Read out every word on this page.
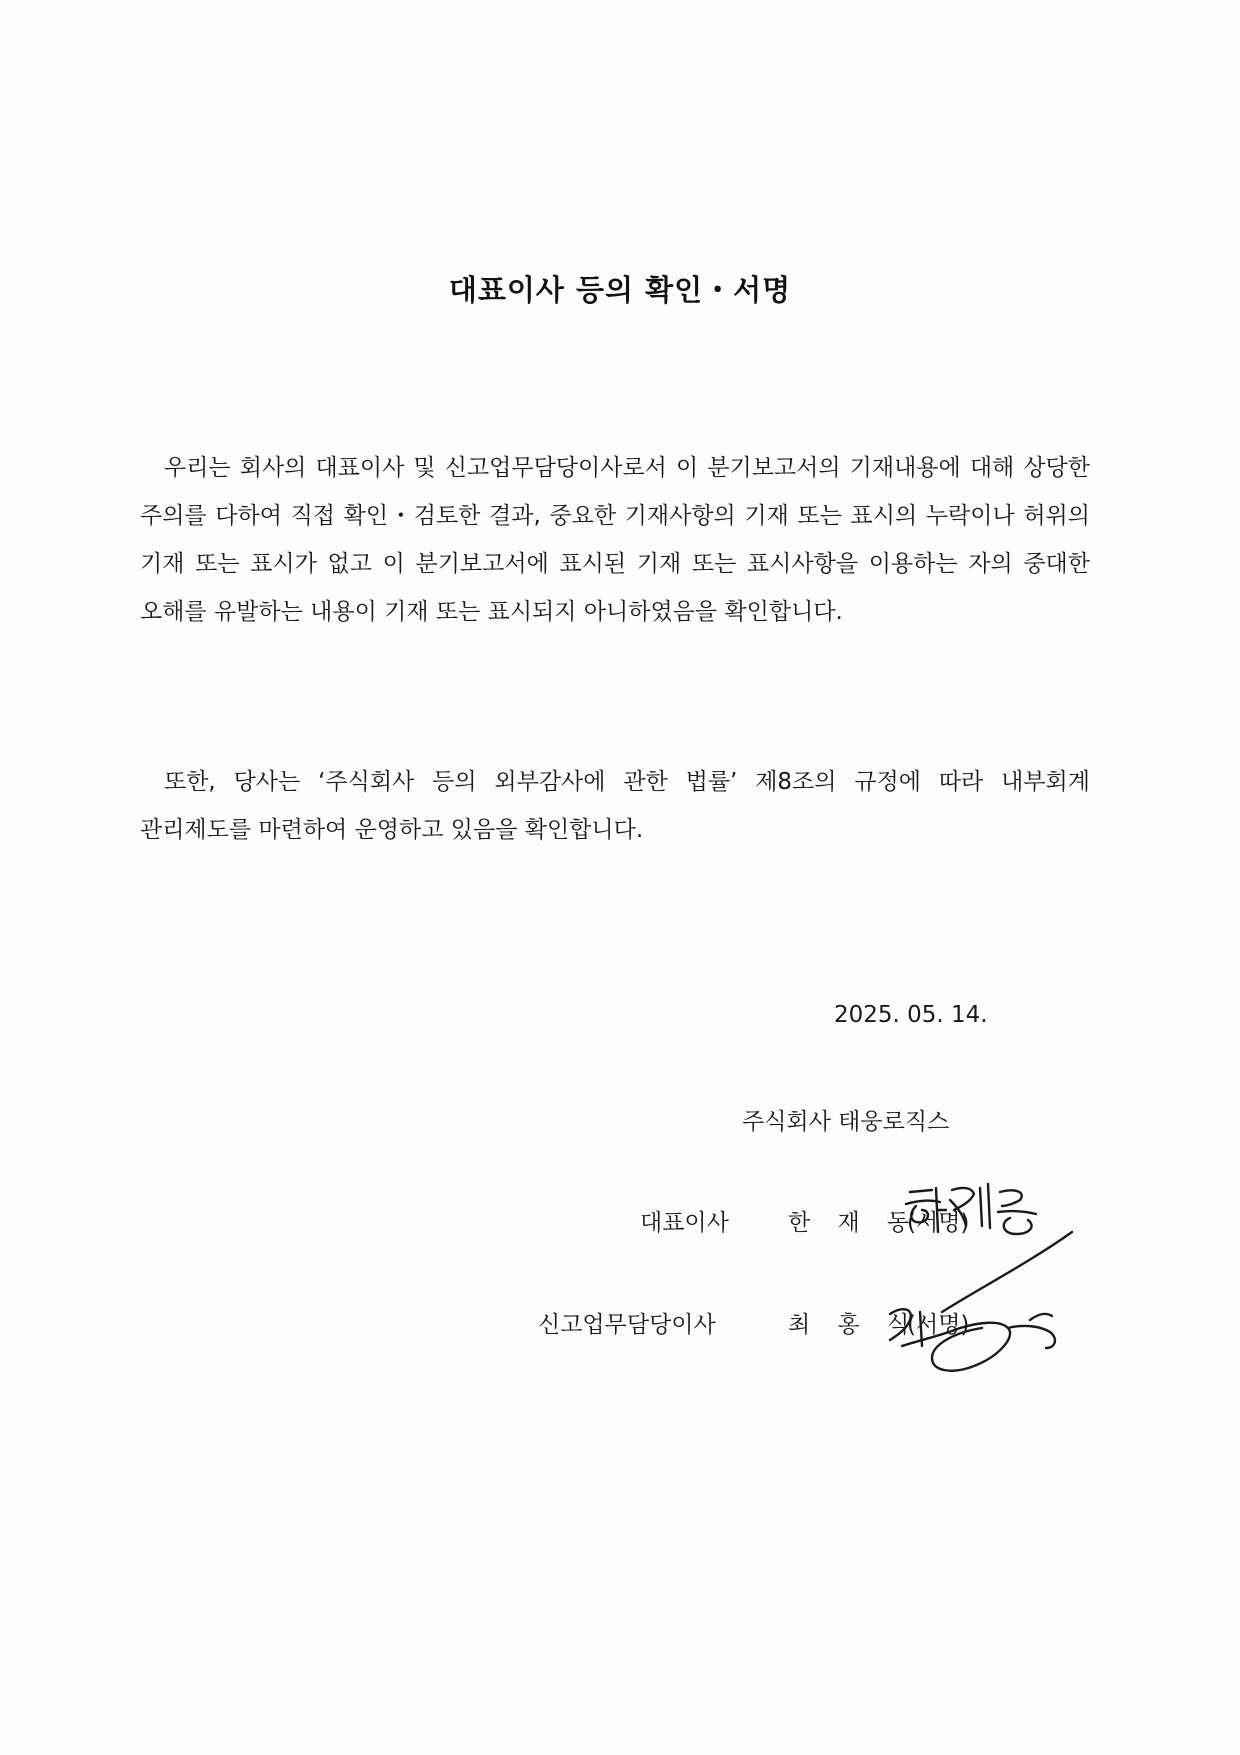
대표이사 등의 확인・서명
우리는 회사의 대표이사 및 신고업무담당이사로서 이 분기보고서의 기재내용에 대해 상당한 주의를 다하여 직접 확인・검토한 결과, 중요한 기재사항의 기재 또는 표시의 누락이나 허위의 기재 또는 표시가 없고 이 분기보고서에 표시된 기재 또는 표시사항을 이용하는 자의 중대한 오해를 유발하는 내용이 기재 또는 표시되지 아니하였음을 확인합니다.
또한, 당사는 ‘주식회사 등의 외부감사에 관한 법률’ 제8조의 규정에 따라 내부회계 관리제도를 마련하여 운영하고 있음을 확인합니다.
2025. 05. 14.
주식회사 태웅로직스
대표이사	한 재 동
(서명)
신고업무담당이사	최 홍 식
(서명)
